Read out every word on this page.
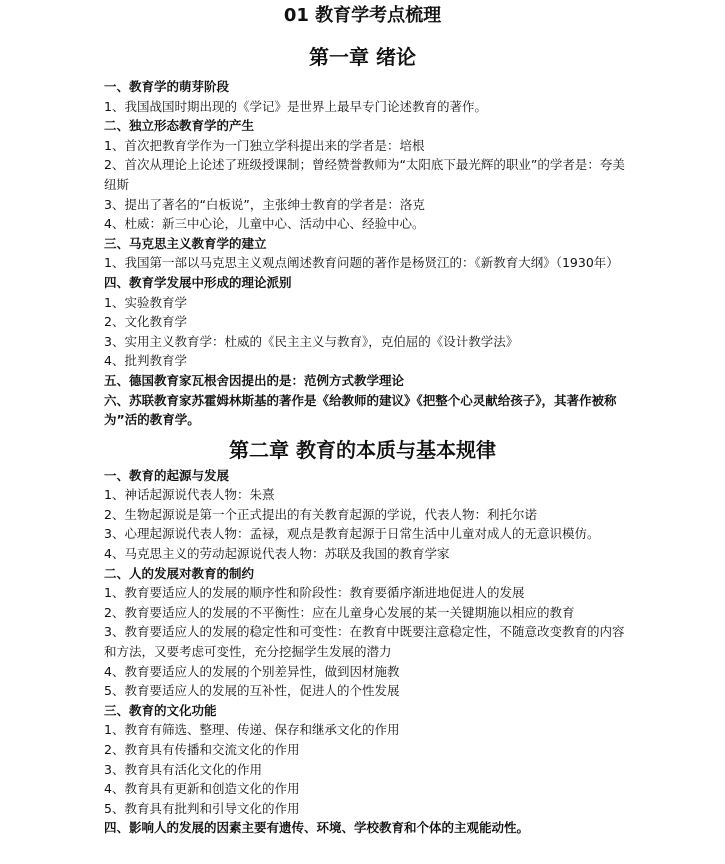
01 教育学考点梳理
第一章 绪论

一、教育学的萌芽阶段

1、我国战国时期出现的《学记》是世界上最早专门论述教育的著作。

二、独立形态教育学的产生

1、首次把教育学作为一门独立学科提出来的学者是：培根

2、首次从理论上论述了班级授课制；曾经赞誉教师为“太阳底下最光辉的职业”的学者是：夸美纽斯

3、提出了著名的“白板说”，主张绅士教育的学者是：洛克

4、杜威：新三中心论，儿童中心、活动中心、经验中心。

三、马克思主义教育学的建立

1、我国第一部以马克思主义观点阐述教育问题的著作是杨贤江的：《新教育大纲》（1930年）

四、教育学发展中形成的理论派别

1、实验教育学

2、文化教育学

3、实用主义教育学：杜威的《民主主义与教育》，克伯屈的《设计教学法》

4、批判教育学

五、德国教育家瓦根舍因提出的是：范例方式教学理论

六、苏联教育家苏霍姆林斯基的著作是《给教师的建议》《把整个心灵献给孩子》，其著作被称为”活的教育学。

第二章 教育的本质与基本规律

一、教育的起源与发展

1、神话起源说代表人物：朱熹

2、生物起源说是第一个正式提出的有关教育起源的学说，代表人物：利托尔诺

3、心理起源说代表人物：孟禄，观点是教育起源于日常生活中儿童对成人的无意识模仿。

4、马克思主义的劳动起源说代表人物：苏联及我国的教育学家

二、人的发展对教育的制约

1、教育要适应人的发展的顺序性和阶段性：教育要循序渐进地促进人的发展

2、教育要适应人的发展的不平衡性：应在儿童身心发展的某一关键期施以相应的教育

3、教育要适应人的发展的稳定性和可变性：在教育中既要注意稳定性，不随意改变教育的内容和方法，又要考虑可变性，充分挖掘学生发展的潜力

4、教育要适应人的发展的个别差异性，做到因材施教

5、教育要适应人的发展的互补性，促进人的个性发展

三、教育的文化功能

1、教育有筛选、整理、传递、保存和继承文化的作用

2、教育具有传播和交流文化的作用

3、教育具有活化文化的作用

4、教育具有更新和创造文化的作用

5、教育具有批判和引导文化的作用

四、影响人的发展的因素主要有遗传、环境、学校教育和个体的主观能动性。
